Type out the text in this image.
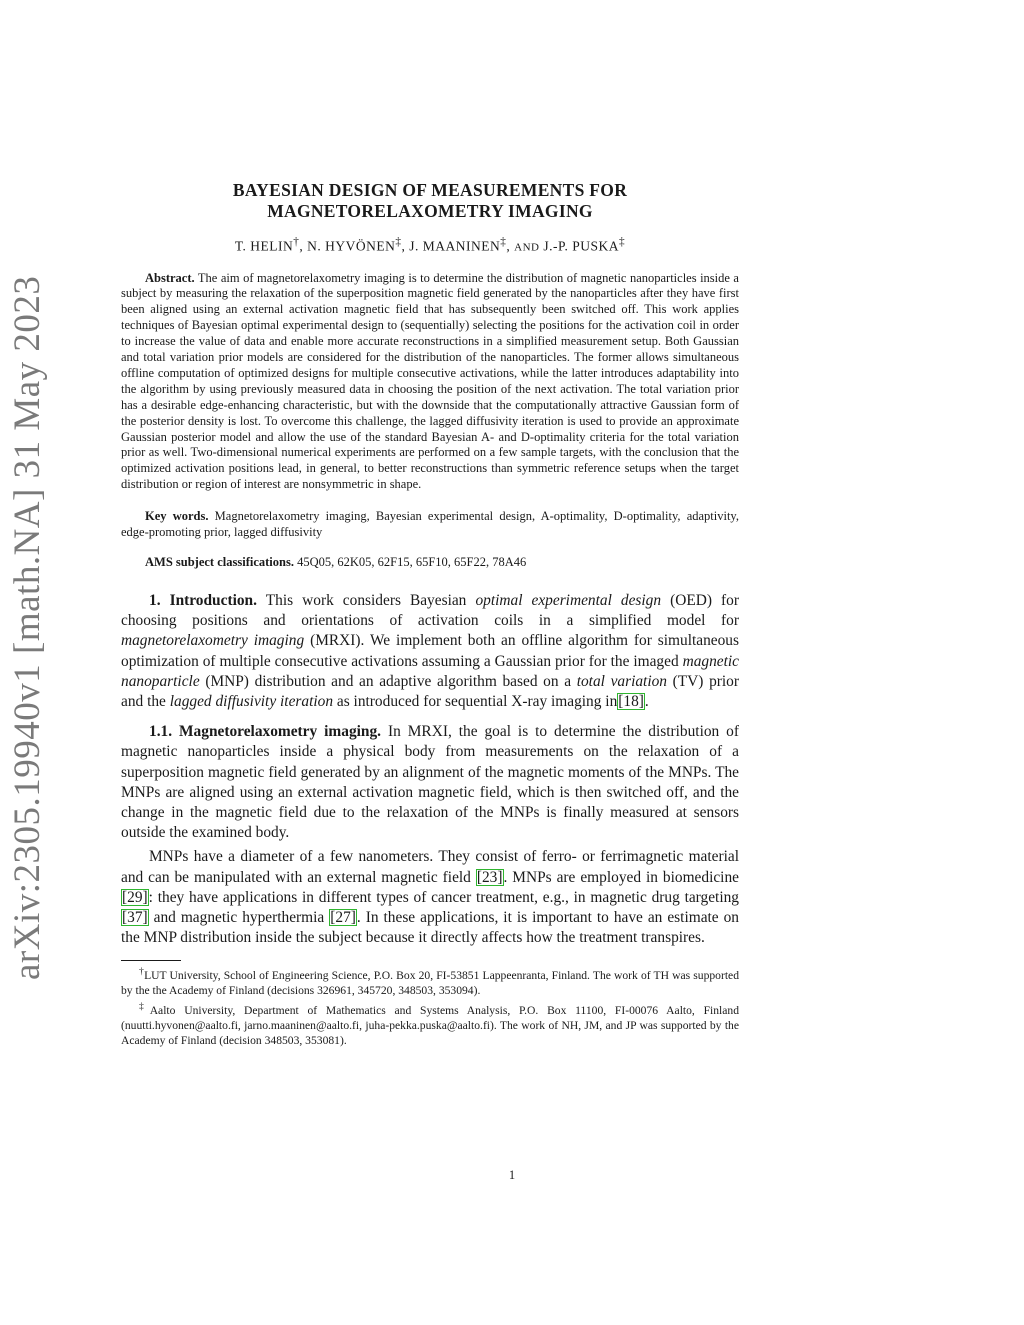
arXiv:2305.19940v1 [math.NA] 31 May 2023
BAYESIAN DESIGN OF MEASUREMENTS FOR
MAGNETORELAXOMETRY IMAGING
T. HELIN†, N. HYVÖNEN‡, J. MAANINEN‡, AND J.-P. PUSKA‡

Abstract. The aim of magnetorelaxometry imaging is to determine the distribution of magnetic nanoparticles inside a subject by measuring the relaxation of the superposition magnetic field generated by the nanoparticles after they have first been aligned using an external activation magnetic field that has subsequently been switched off. This work applies techniques of Bayesian optimal experimental design to (sequentially) selecting the positions for the activation coil in order to increase the value of data and enable more accurate reconstructions in a simplified measurement setup. Both Gaussian and total variation prior models are considered for the distribution of the nanoparticles. The former allows simultaneous offline computation of optimized designs for multiple consecutive activations, while the latter introduces adaptability into the algorithm by using previously measured data in choosing the position of the next activation. The total variation prior has a desirable edge-enhancing characteristic, but with the downside that the computationally attractive Gaussian form of the posterior density is lost. To overcome this challenge, the lagged diffusivity iteration is used to provide an approximate Gaussian posterior model and allow the use of the standard Bayesian A- and D-optimality criteria for the total variation prior as well. Two-dimensional numerical experiments are performed on a few sample targets, with the conclusion that the optimized activation positions lead, in general, to better reconstructions than symmetric reference setups when the target distribution or region of interest are nonsymmetric in shape.

Key words. Magnetorelaxometry imaging, Bayesian experimental design, A-optimality, D-optimality, adaptivity, edge-promoting prior, lagged diffusivity

AMS subject classifications. 45Q05, 62K05, 62F15, 65F10, 65F22, 78A46

1. Introduction. This work considers Bayesian optimal experimental design (OED) for choosing positions and orientations of activation coils in a simplified model for magnetorelaxometry imaging (MRXI). We implement both an offline algorithm for simultaneous optimization of multiple consecutive activations assuming a Gaussian prior for the imaged magnetic nanoparticle (MNP) distribution and an adaptive algorithm based on a total variation (TV) prior and the lagged diffusivity iteration as introduced for sequential X-ray imaging in[18].

1.1. Magnetorelaxometry imaging. In MRXI, the goal is to determine the distribution of magnetic nanoparticles inside a physical body from measurements on the relaxation of a superposition magnetic field generated by an alignment of the magnetic moments of the MNPs. The MNPs are aligned using an external activation magnetic field, which is then switched off, and the change in the magnetic field due to the relaxation of the MNPs is finally measured at sensors outside the examined body.

MNPs have a diameter of a few nanometers. They consist of ferro- or ferrimagnetic material and can be manipulated with an external magnetic field [23]. MNPs are employed in biomedicine [29]: they have applications in different types of cancer treatment, e.g., in magnetic drug targeting [37] and magnetic hyperthermia [27]. In these applications, it is important to have an estimate on the MNP distribution inside the subject because it directly affects how the treatment transpires.

†LUT University, School of Engineering Science, P.O. Box 20, FI-53851 Lappeenranta, Finland. The work of TH was supported by the the Academy of Finland (decisions 326961, 345720, 348503, 353094).

‡Aalto University, Department of Mathematics and Systems Analysis, P.O. Box 11100, FI-00076 Aalto, Finland (nuutti.hyvonen@aalto.fi, jarno.maaninen@aalto.fi, juha-pekka.puska@aalto.fi). The work of NH, JM, and JP was supported by the Academy of Finland (decision 348503, 353081).

1
